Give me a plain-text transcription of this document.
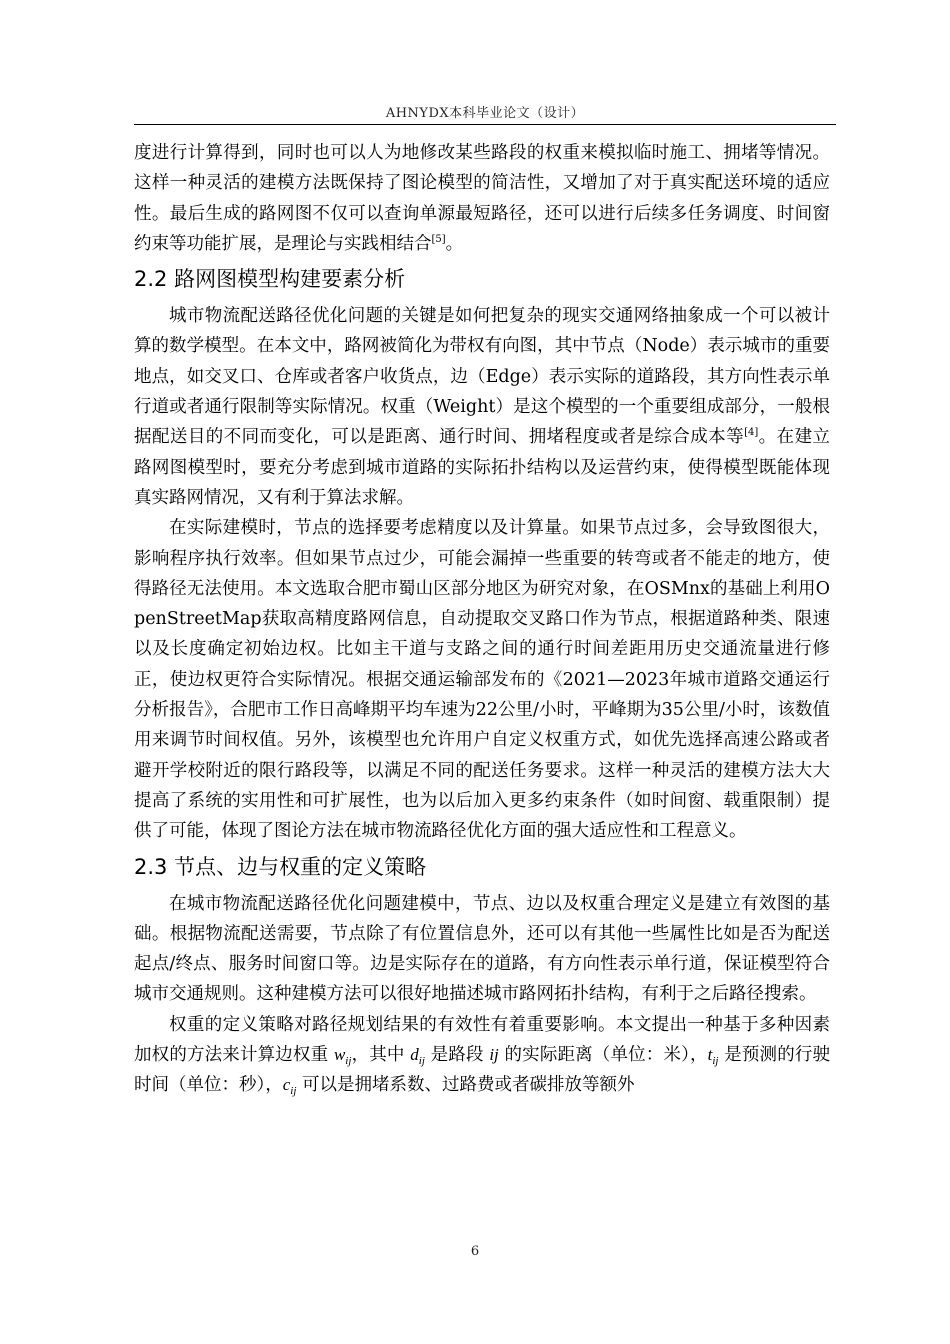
AHNYDX本科毕业论文（设计）

度进行计算得到，同时也可以人为地修改某些路段的权重来模拟临时施工、拥堵等情况。这样一种灵活的建模方法既保持了图论模型的简洁性，又增加了对于真实配送环境的适应性。最后生成的路网图不仅可以查询单源最短路径，还可以进行后续多任务调度、时间窗约束等功能扩展，是理论与实践相结合[5]。

2.2 路网图模型构建要素分析

城市物流配送路径优化问题的关键是如何把复杂的现实交通网络抽象成一个可以被计算的数学模型。在本文中，路网被简化为带权有向图，其中节点（Node）表示城市的重要地点，如交叉口、仓库或者客户收货点，边（Edge）表示实际的道路段，其方向性表示单行道或者通行限制等实际情况。权重（Weight）是这个模型的一个重要组成部分，一般根据配送目的不同而变化，可以是距离、通行时间、拥堵程度或者是综合成本等[4]。在建立路网图模型时，要充分考虑到城市道路的实际拓扑结构以及运营约束，使得模型既能体现真实路网情况，又有利于算法求解。

在实际建模时，节点的选择要考虑精度以及计算量。如果节点过多，会导致图很大，影响程序执行效率。但如果节点过少，可能会漏掉一些重要的转弯或者不能走的地方，使得路径无法使用。本文选取合肥市蜀山区部分地区为研究对象，在OSMnx的基础上利用OpenStreetMap获取高精度路网信息，自动提取交叉路口作为节点，根据道路种类、限速以及长度确定初始边权。比如主干道与支路之间的通行时间差距用历史交通流量进行修正，使边权更符合实际情况。根据交通运输部发布的《2021—2023年城市道路交通运行分析报告》，合肥市工作日高峰期平均车速为22公里/小时，平峰期为35公里/小时，该数值用来调节时间权值。另外，该模型也允许用户自定义权重方式，如优先选择高速公路或者避开学校附近的限行路段等，以满足不同的配送任务要求。这样一种灵活的建模方法大大提高了系统的实用性和可扩展性，也为以后加入更多约束条件（如时间窗、载重限制）提供了可能，体现了图论方法在城市物流路径优化方面的强大适应性和工程意义。

2.3 节点、边与权重的定义策略

在城市物流配送路径优化问题建模中，节点、边以及权重合理定义是建立有效图的基础。根据物流配送需要，节点除了有位置信息外，还可以有其他一些属性比如是否为配送起点/终点、服务时间窗口等。边是实际存在的道路，有方向性表示单行道，保证模型符合城市交通规则。这种建模方法可以很好地描述城市路网拓扑结构，有利于之后路径搜索。

权重的定义策略对路径规划结果的有效性有着重要影响。本文提出一种基于多种因素加权的方法来计算边权重 $w_{ij}$，其中 $d_{ij}$ 是路段 ij 的实际距离（单位：米），$t_{ij}$ 是预测的行驶时间（单位：秒），$c_{ij}$ 可以是拥堵系数、过路费或者碳排放等额外

6
